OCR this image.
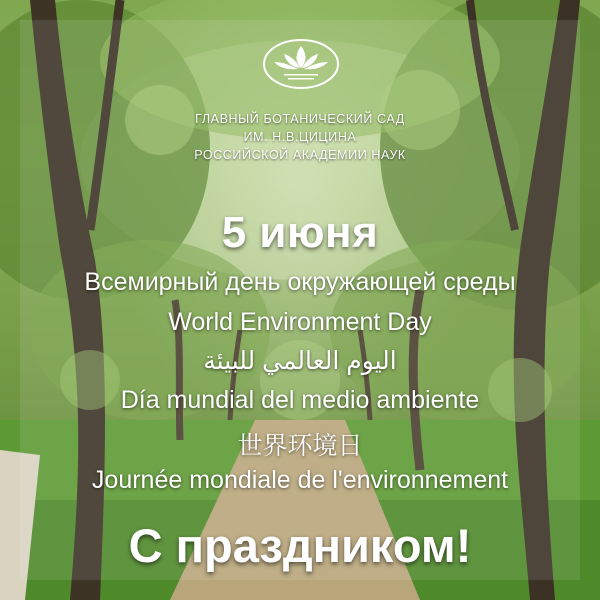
ГЛАВНЫЙ БОТАНИЧЕСКИЙ САД
ИМ. Н.В.ЦИЦИНА
РОССИЙСКОЙ АКАДЕМИИ НАУК
5 июня
Всемирный день окружающей среды
World Environment Day
اليوم العالمي للبيئة
Día mundial del medio ambiente
世界环境日
Journée mondiale de l'environnement
С праздником!
